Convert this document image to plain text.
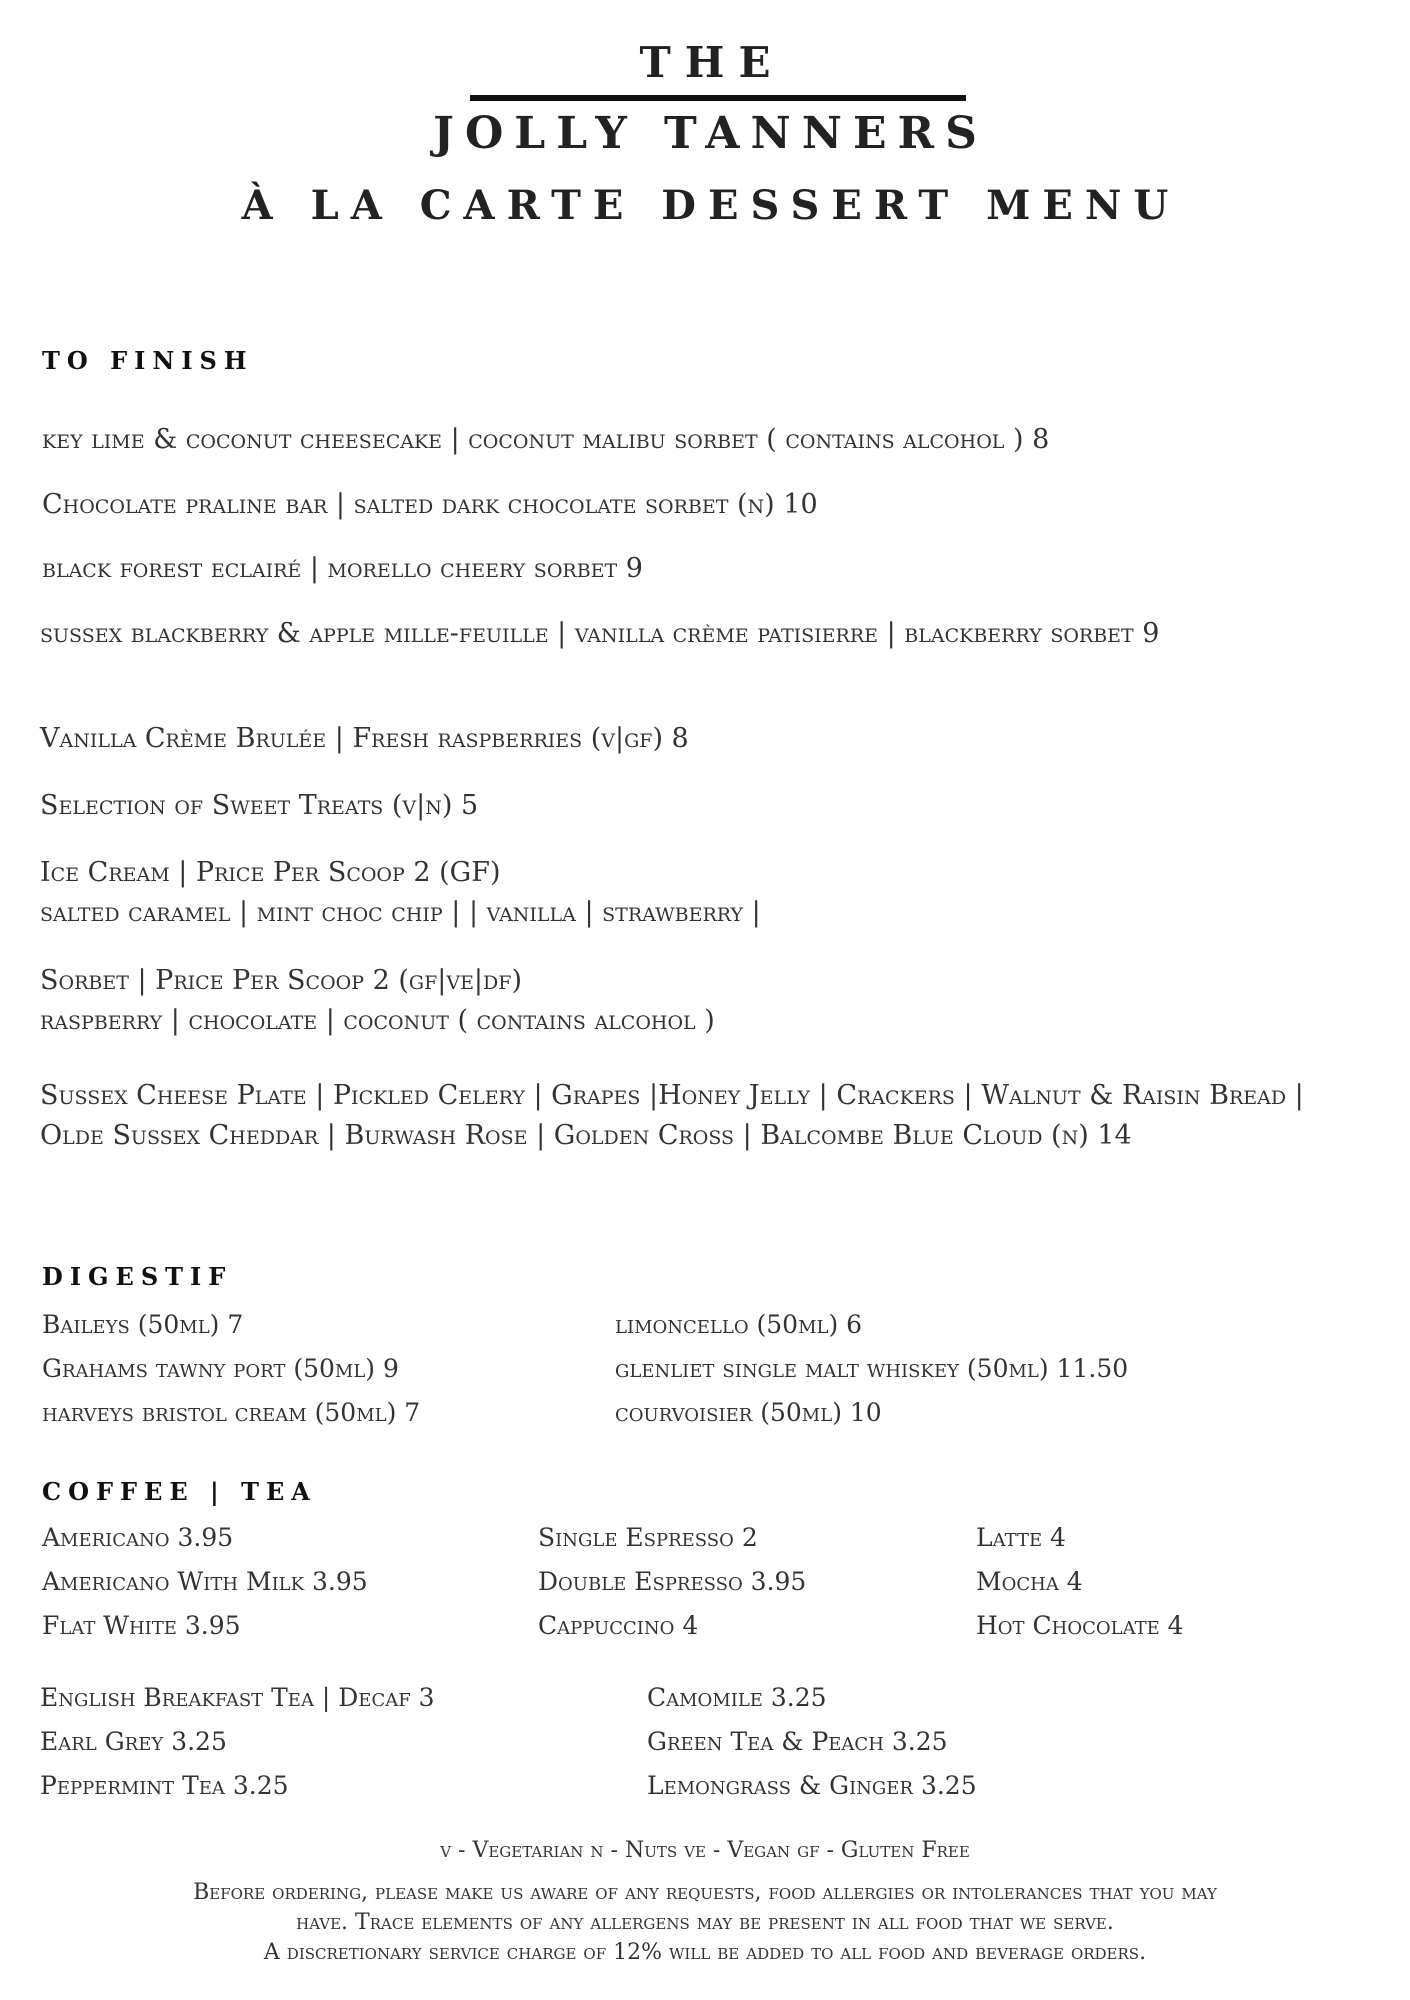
THE
JOLLY TANNERS
À LA CARTE DESSERT MENU
TO FINISH
key lime & coconut cheesecake | coconut malibu sorbet ( contains alcohol ) 8
Chocolate praline bar | salted dark chocolate sorbet (n) 10
black forest eclairé | morello cheery sorbet 9
sussex blackberry & apple mille-feuille | vanilla crème patisierre | blackberry sorbet 9
Vanilla Crème Brulée | Fresh raspberries (v|gf) 8
Selection of Sweet Treats (v|n) 5
Ice Cream | Price Per Scoop 2 (GF)
salted caramel | mint choc chip | | vanilla | strawberry |
Sorbet | Price Per Scoop 2 (gf|ve|df)
raspberry | chocolate | coconut ( contains alcohol )
Sussex Cheese Plate | Pickled Celery | Grapes |Honey Jelly | Crackers | Walnut & Raisin Bread | Olde Sussex Cheddar | Burwash Rose | Golden Cross | Balcombe Blue Cloud (n) 14
DIGESTIF
Baileys (50ml) 7
Grahams tawny port (50ml) 9
harveys bristol cream (50ml) 7
limoncello (50ml) 6
glenliet single malt whiskey (50ml) 11.50
courvoisier (50ml) 10
COFFEE | TEA
Americano 3.95
Americano With Milk 3.95
Flat White 3.95
Single Espresso 2
Double Espresso 3.95
Cappuccino 4
Latte 4
Mocha 4
Hot Chocolate 4
English Breakfast Tea | Decaf 3
Earl Grey 3.25
Peppermint Tea 3.25
Camomile 3.25
Green Tea & Peach 3.25
Lemongrass & Ginger 3.25
v - Vegetarian n - Nuts ve - Vegan gf - Gluten Free
Before ordering, please make us aware of any requests, food allergies or intolerances that you may
have. Trace elements of any allergens may be present in all food that we serve.
A discretionary service charge of 12% will be added to all food and beverage orders.
